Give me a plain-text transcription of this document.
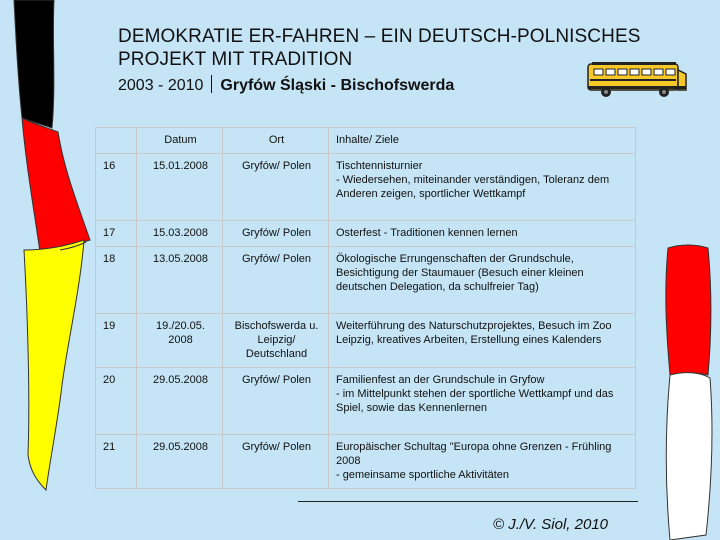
DEMOKRATIE ER-FAHREN – EIN DEUTSCH-POLNISCHES PROJEKT MIT TRADITION
2003 - 2010 Gryfów Śląski - Bischofswerda
	Datum	Ort	Inhalte/ Ziele
16	15.01.2008	Gryfów/ Polen	Tischtennisturnier
- Wiedersehen, miteinander verständigen, Toleranz dem Anderen zeigen, sportlicher Wettkampf
17	15.03.2008	Gryfów/ Polen	Osterfest - Traditionen kennen lernen
18	13.05.2008	Gryfów/ Polen	Ökologische Errungenschaften der Grundschule, Besichtigung der Staumauer (Besuch einer kleinen deutschen Delegation, da schulfreier Tag)
19	19./20.05. 2008	Bischofswerda u. Leipzig/ Deutschland	Weiterführung des Naturschutzprojektes, Besuch im Zoo Leipzig, kreatives Arbeiten, Erstellung eines Kalenders
20	29.05.2008	Gryfów/ Polen	Familienfest an der Grundschule in Gryfow
- im Mittelpunkt stehen der sportliche Wettkampf und das Spiel, sowie das Kennenlernen
21	29.05.2008	Gryfów/ Polen	Europäischer Schultag "Europa ohne Grenzen - Frühling 2008
- gemeinsame sportliche Aktivitäten
© J./V. Siol, 2010
